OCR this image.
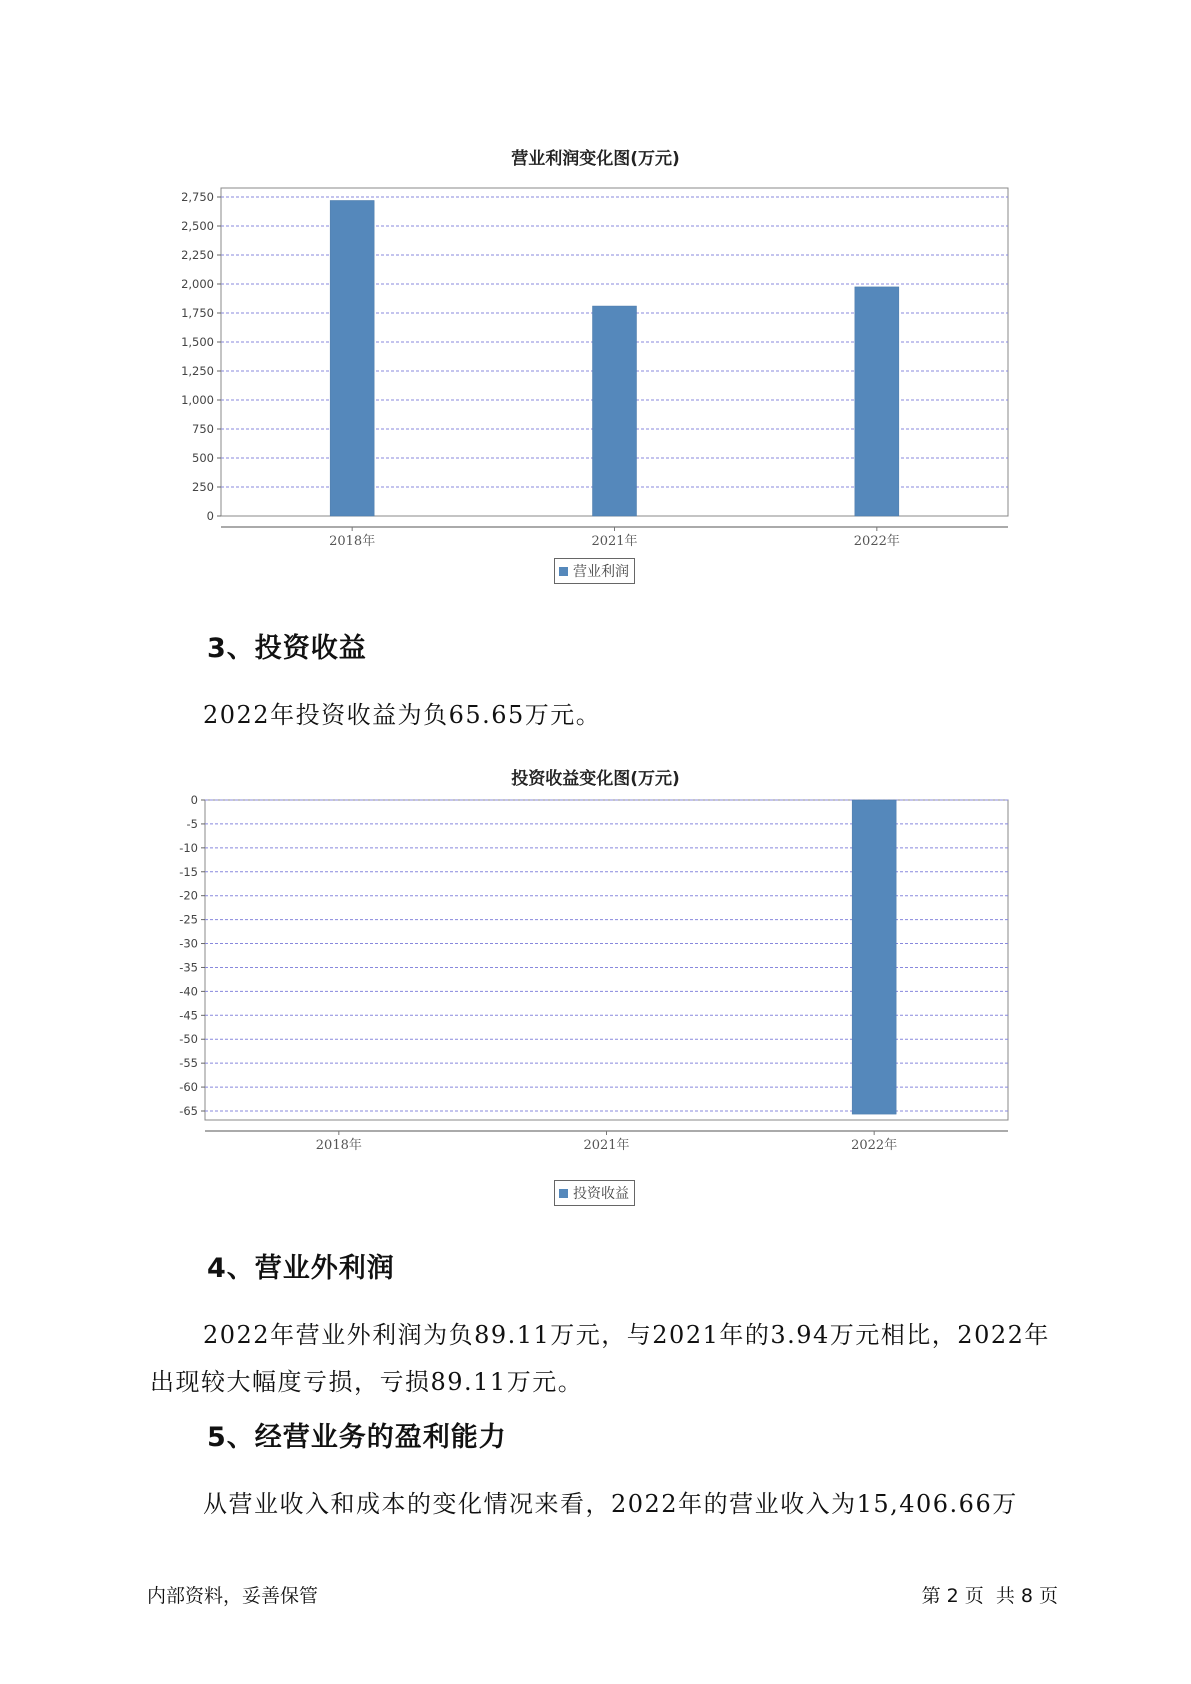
营业利润变化图(万元)
2,750
2,500
2,250
2,000
1,750
1,500
1,250
1,000
750
500
250
0
2018年	2021年	2022年
营业利润
3、投资收益

2022年投资收益为负65.65万元。

投资收益变化图(万元)
0
-5
-10
-15
-20
-25
-30
-35
-40
-45
-50
-55
-60
-65
2018年	2021年	2022年
投资收益
4、营业外利润

2022年营业外利润为负89.11万元，与2021年的3.94万元相比，2022年

出现较大幅度亏损，亏损89.11万元。

5、经营业务的盈利能力

从营业收入和成本的变化情况来看，2022年的营业收入为15,406.66万

内部资料，妥善保管	第 2 页  共 8 页
